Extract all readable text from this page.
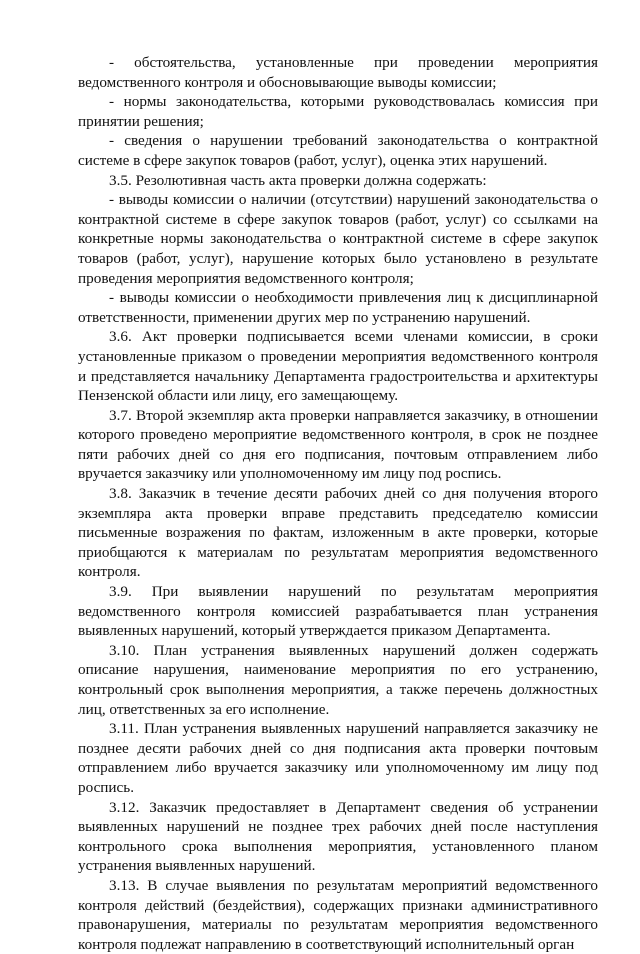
- обстоятельства, установленные при проведении мероприятия ведомственного контроля и обосновывающие выводы комиссии;

- нормы законодательства, которыми руководствовалась комиссия при принятии решения;

- сведения о нарушении требований законодательства о контрактной системе в сфере закупок товаров (работ, услуг), оценка этих нарушений.

3.5. Резолютивная часть акта проверки должна содержать:

- выводы комиссии о наличии (отсутствии) нарушений законодательства о контрактной системе в сфере закупок товаров (работ, услуг) со ссылками на конкретные нормы законодательства о контрактной системе в сфере закупок товаров (работ, услуг), нарушение которых было установлено в результате проведения мероприятия ведомственного контроля;

- выводы комиссии о необходимости привлечения лиц к дисциплинарной ответственности, применении других мер по устранению нарушений.

3.6. Акт проверки подписывается всеми членами комиссии, в сроки установленные приказом о проведении мероприятия ведомственного контроля и представляется начальнику Департамента градостроительства и архитектуры Пензенской области или лицу, его замещающему.

3.7. Второй экземпляр акта проверки направляется заказчику, в отношении которого проведено мероприятие ведомственного контроля, в срок не позднее пяти рабочих дней со дня его подписания, почтовым отправлением либо вручается заказчику или уполномоченному им лицу под роспись.

3.8. Заказчик в течение десяти рабочих дней со дня получения второго экземпляра акта проверки вправе представить председателю комиссии письменные возражения по фактам, изложенным в акте проверки, которые приобщаются к материалам по результатам мероприятия ведомственного контроля.

3.9. При выявлении нарушений по результатам мероприятия ведомственного контроля комиссией разрабатывается план устранения выявленных нарушений, который утверждается приказом Департамента.

3.10. План устранения выявленных нарушений должен содержать описание нарушения, наименование мероприятия по его устранению, контрольный срок выполнения мероприятия, а также перечень должностных лиц, ответственных за его исполнение.

3.11. План устранения выявленных нарушений направляется заказчику не позднее десяти рабочих дней со дня подписания акта проверки почтовым отправлением либо вручается заказчику или уполномоченному им лицу под роспись.

3.12. Заказчик предоставляет в Департамент сведения об устранении выявленных нарушений не позднее трех рабочих дней после наступления контрольного срока выполнения мероприятия, установленного планом устранения выявленных нарушений.

3.13. В случае выявления по результатам мероприятий ведомственного контроля действий (бездействия), содержащих признаки административного правонарушения, материалы по результатам мероприятия ведомственного контроля подлежат направлению в соответствующий исполнительный орган
